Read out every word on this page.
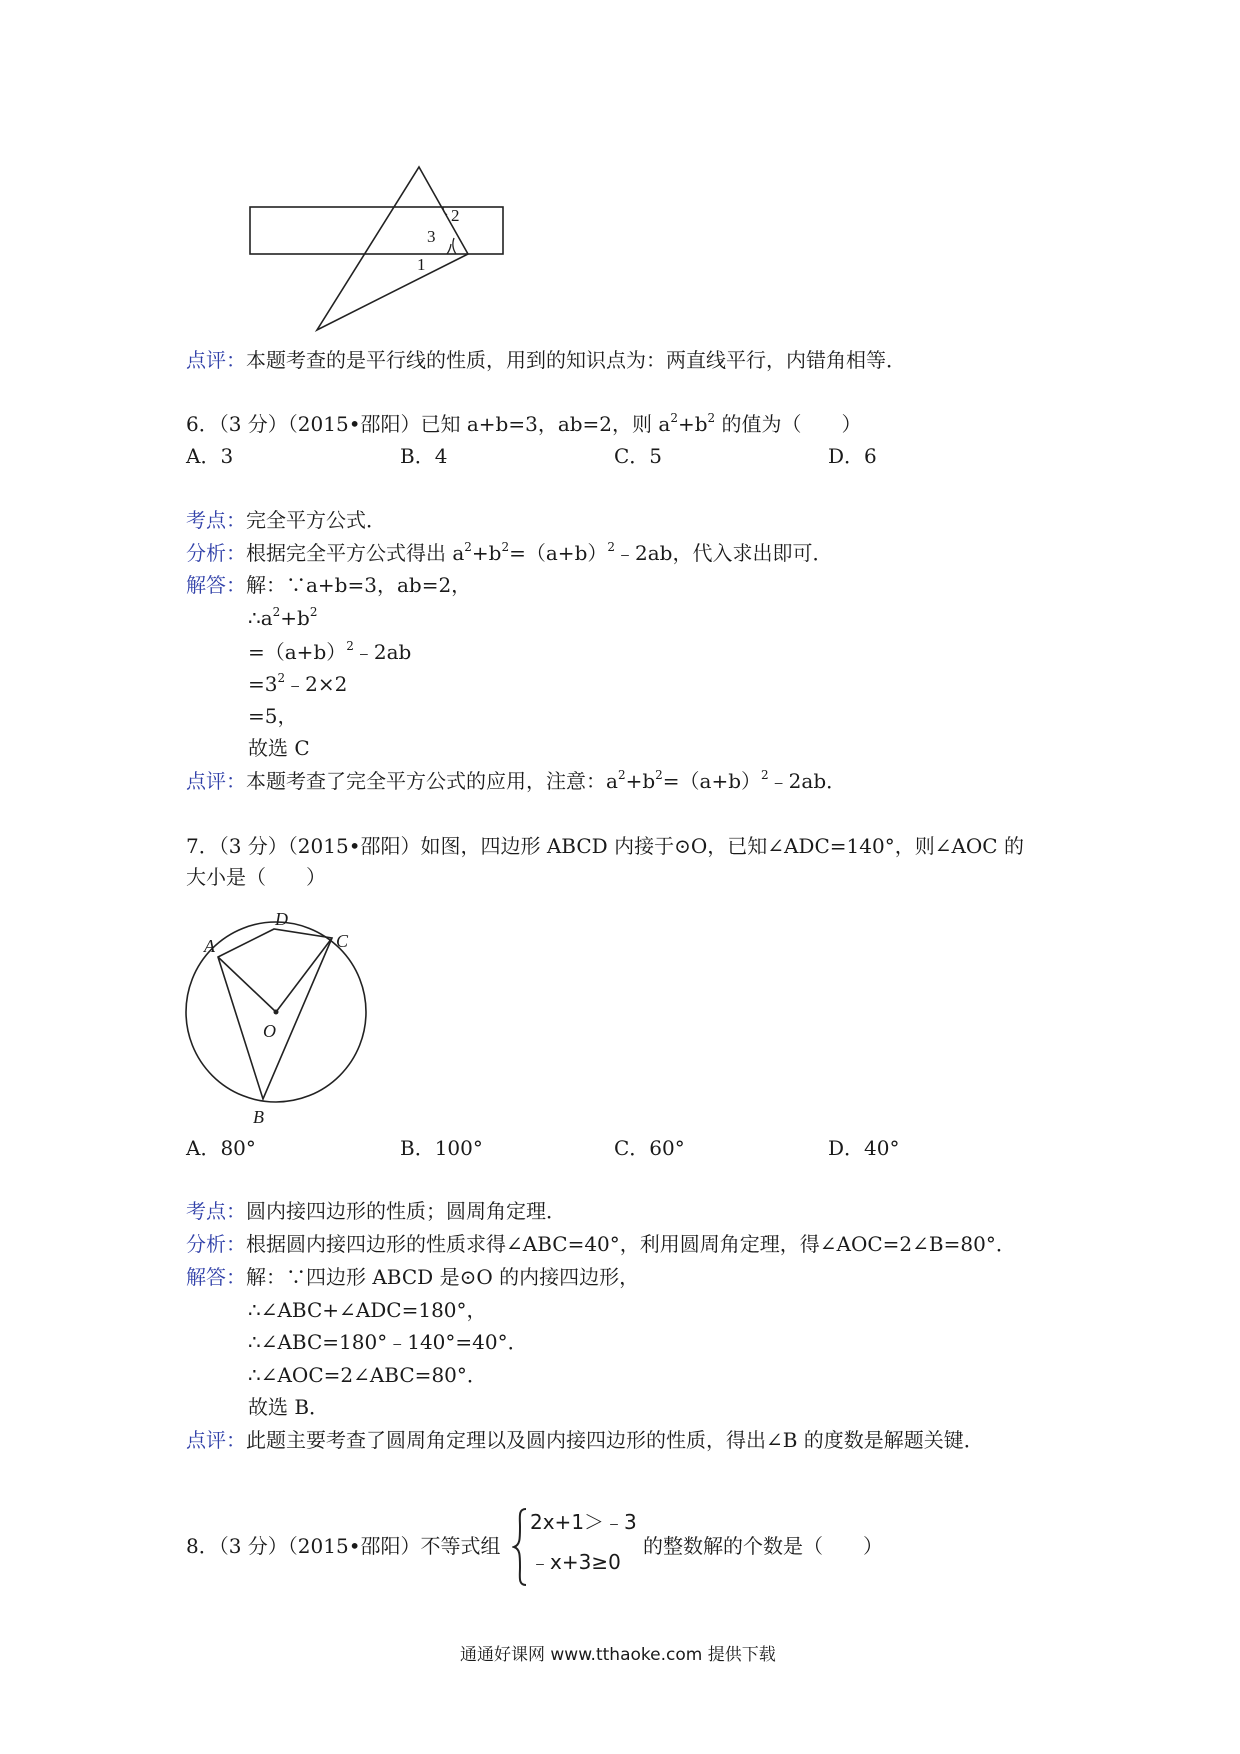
2
3
1
点评：本题考查的是平行线的性质，用到的知识点为：两直线平行，内错角相等．
6．（3 分）（2015•邵阳）已知 a+b=3，ab=2，则 $a^2+b^2$ 的值为（　　）
A．3	B．4	C．5	D．6
考点：完全平方公式．
分析：根据完全平方公式得出 $a^2+b^2=(a+b)^2﹣2ab$，代入求出即可．
解答：解：∵a+b=3，ab=2，
$\therefore a^2+b^2$
$=(a+b)^2﹣2ab$
$=3^2﹣2\times 2$
=5，
故选 C
点评：本题考查了完全平方公式的应用，注意：$a^2+b^2=(a+b)^2﹣2ab$．
7．（3 分）（2015•邵阳）如图，四边形 ABCD 内接于⊙O，已知∠ADC=140°，则∠AOC 的
大小是（　　）
A
D
C
O
B
A．80°	B．100°	C．60°	D．40°
考点：圆内接四边形的性质；圆周角定理．
分析：根据圆内接四边形的性质求得∠ABC=40°，利用圆周角定理，得∠AOC=2∠B=80°．
解答：解：∵四边形 ABCD 是⊙O 的内接四边形，
∴∠ABC+∠ADC=180°，
∴∠ABC=180°﹣140°=40°．
∴∠AOC=2∠ABC=80°．
故选 B．
点评：此题主要考查了圆周角定理以及圆内接四边形的性质，得出∠B 的度数是解题关键．
8．（3 分）（2015•邵阳）不等式组
2x+1＞﹣3
﹣x+3≥0
的整数解的个数是（　　）
通通好课网 www.tthaoke.com 提供下载
